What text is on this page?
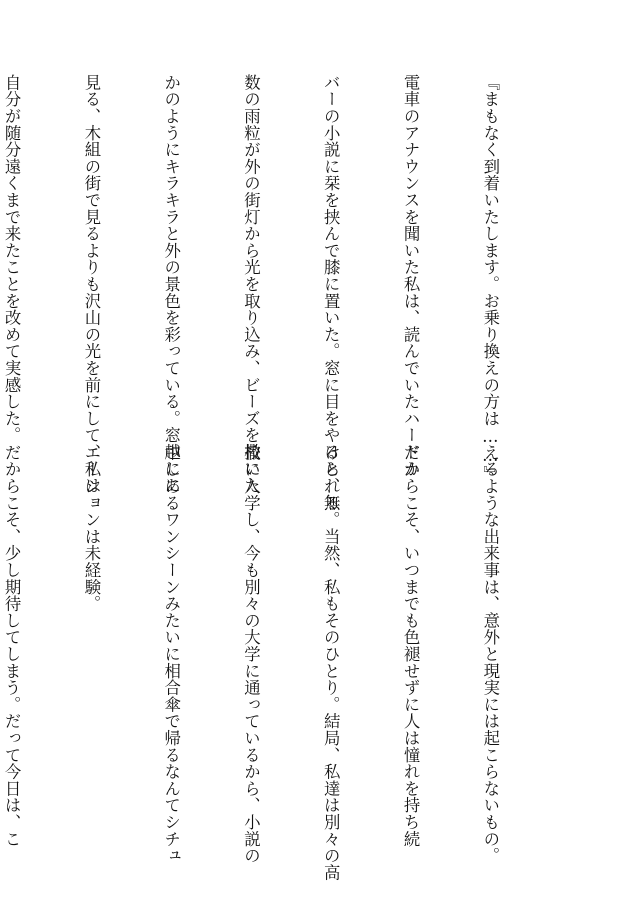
『まもなく到着いたします。お乗り換えの方は……』

電車のアナウンスを聞いた私は、読んでいたハードカ

バーの小説に栞を挟んで膝に置いた。窓に目をやると、無

数の雨粒が外の街灯から光を取り込み、ビーズを撒いた

かのようにキラキラと外の景色を彩っている。窓越しに

見る、木組の街で見るよりも沢山の光を前にして、私は

自分が随分遠くまで来たことを改めて実感した。

えるような出来事は、意外と現実には起こらないもの。

だからこそ、いつまでも色褪せずに人は憧れを持ち続

けられる。当然、私もそのひとり。結局、私達は別々の高

校に入学し、今も別々の大学に通っているから、小説の

中にあるワンシーンみたいに相合傘で帰るなんてシチュ

エーションは未経験。

だからこそ、少し期待してしまう。だって今日は、こ
